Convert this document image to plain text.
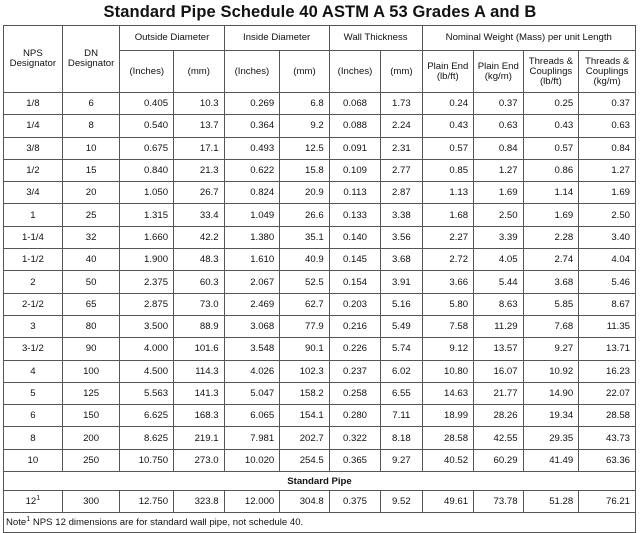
Standard Pipe Schedule 40 ASTM A 53 Grades A and B
NPS Designator	DN Designator	Outside Diameter		Inside Diameter		Wall Thickness		Nominal Weight (Mass) per unit Length			
		(Inches)	(mm)	(Inches)	(mm)	(Inches)	(mm)	Plain End (lb/ft)	Plain End (kg/m)	Threads & Couplings (lb/ft)	Threads & Couplings (kg/m)
1/8	6	0.405	10.3	0.269	6.8	0.068	1.73	0.24	0.37	0.25	0.37
1/4	8	0.540	13.7	0.364	9.2	0.088	2.24	0.43	0.63	0.43	0.63
3/8	10	0.675	17.1	0.493	12.5	0.091	2.31	0.57	0.84	0.57	0.84
1/2	15	0.840	21.3	0.622	15.8	0.109	2.77	0.85	1.27	0.86	1.27
3/4	20	1.050	26.7	0.824	20.9	0.113	2.87	1.13	1.69	1.14	1.69
1	25	1.315	33.4	1.049	26.6	0.133	3.38	1.68	2.50	1.69	2.50
1-1/4	32	1.660	42.2	1.380	35.1	0.140	3.56	2.27	3.39	2.28	3.40
1-1/2	40	1.900	48.3	1.610	40.9	0.145	3.68	2.72	4.05	2.74	4.04
2	50	2.375	60.3	2.067	52.5	0.154	3.91	3.66	5.44	3.68	5.46
2-1/2	65	2.875	73.0	2.469	62.7	0.203	5.16	5.80	8.63	5.85	8.67
3	80	3.500	88.9	3.068	77.9	0.216	5.49	7.58	11.29	7.68	11.35
3-1/2	90	4.000	101.6	3.548	90.1	0.226	5.74	9.12	13.57	9.27	13.71
4	100	4.500	114.3	4.026	102.3	0.237	6.02	10.80	16.07	10.92	16.23
5	125	5.563	141.3	5.047	158.2	0.258	6.55	14.63	21.77	14.90	22.07
6	150	6.625	168.3	6.065	154.1	0.280	7.11	18.99	28.26	19.34	28.58
8	200	8.625	219.1	7.981	202.7	0.322	8.18	28.58	42.55	29.35	43.73
10	250	10.750	273.0	10.020	254.5	0.365	9.27	40.52	60.29	41.49	63.36
Standard Pipe											
$12^1$	300	12.750	323.8	12.000	304.8	0.375	9.52	49.61	73.78	51.28	76.21
Note$^1$ NPS 12 dimensions are for standard wall pipe, not schedule 40.											
